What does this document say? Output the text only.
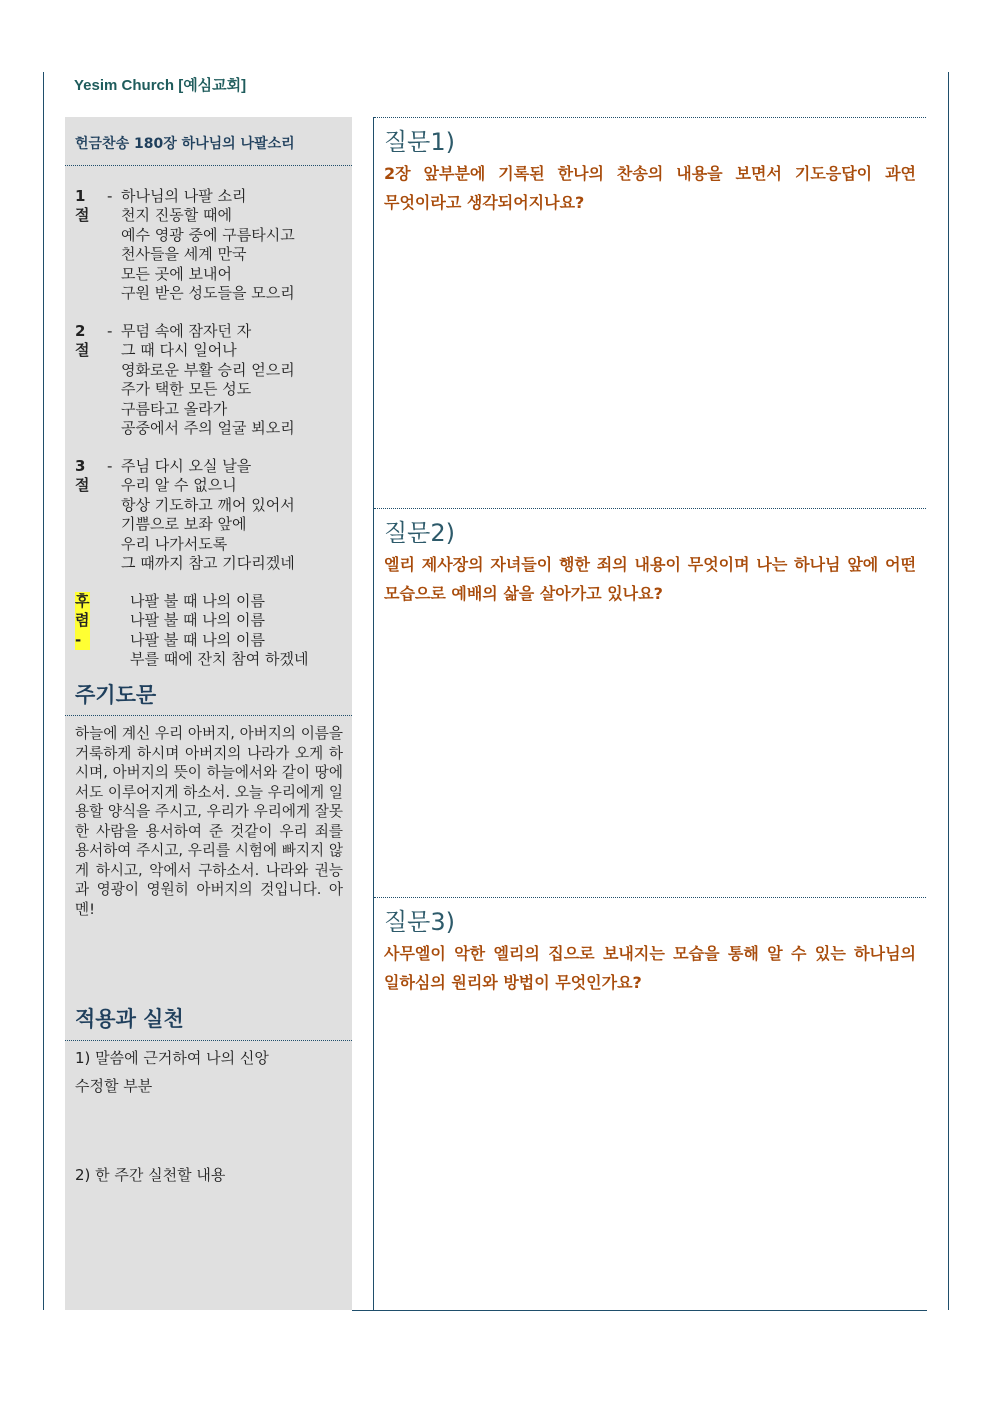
Yesim Church [예심교회]
헌금찬송 180장 하나님의 나팔소리
1절
- 하나님의 나팔 소리
천지 진동할 때에
예수 영광 중에 구름타시고
천사들을 세계 만국
모든 곳에 보내어
구원 받은 성도들을 모으리
2절
- 무덤 속에 잠자던 자
그 때 다시 일어나
영화로운 부활 승리 얻으리
주가 택한 모든 성도
구름타고 올라가
공중에서 주의 얼굴 뵈오리
3절
- 주님 다시 오실 날을
우리 알 수 없으니
항상 기도하고 깨어 있어서
기쁨으로 보좌 앞에
우리 나가서도록
그 때까지 참고 기다리겠네
후렴 -
나팔 불 때 나의 이름
나팔 불 때 나의 이름
나팔 불 때 나의 이름
부를 때에 잔치 참여 하겠네
주기도문
하늘에 계신 우리 아버지, 아버지의 이름을 거룩하게 하시며 아버지의 나라가 오게 하시며, 아버지의 뜻이 하늘에서와 같이 땅에서도 이루어지게 하소서. 오늘 우리에게 일용할 양식을 주시고, 우리가 우리에게 잘못한 사람을 용서하여 준 것같이 우리 죄를 용서하여 주시고, 우리를 시험에 빠지지 않게 하시고, 악에서 구하소서. 나라와 권능과 영광이 영원히 아버지의 것입니다. 아멘!
적용과 실천
1) 말씀에 근거하여 나의 신앙
수정할 부분
2) 한 주간 실천할 내용
질문1)
2장 앞부분에 기록된 한나의 찬송의 내용을 보면서 기도응답이 과연 무엇이라고 생각되어지나요?
질문2)
엘리 제사장의 자녀들이 행한 죄의 내용이 무엇이며 나는 하나님 앞에 어떤 모습으로 예배의 삶을 살아가고 있나요?
질문3)
사무엘이 악한 엘리의 집으로 보내지는 모습을 통해 알 수 있는 하나님의 일하심의 원리와 방법이 무엇인가요?
